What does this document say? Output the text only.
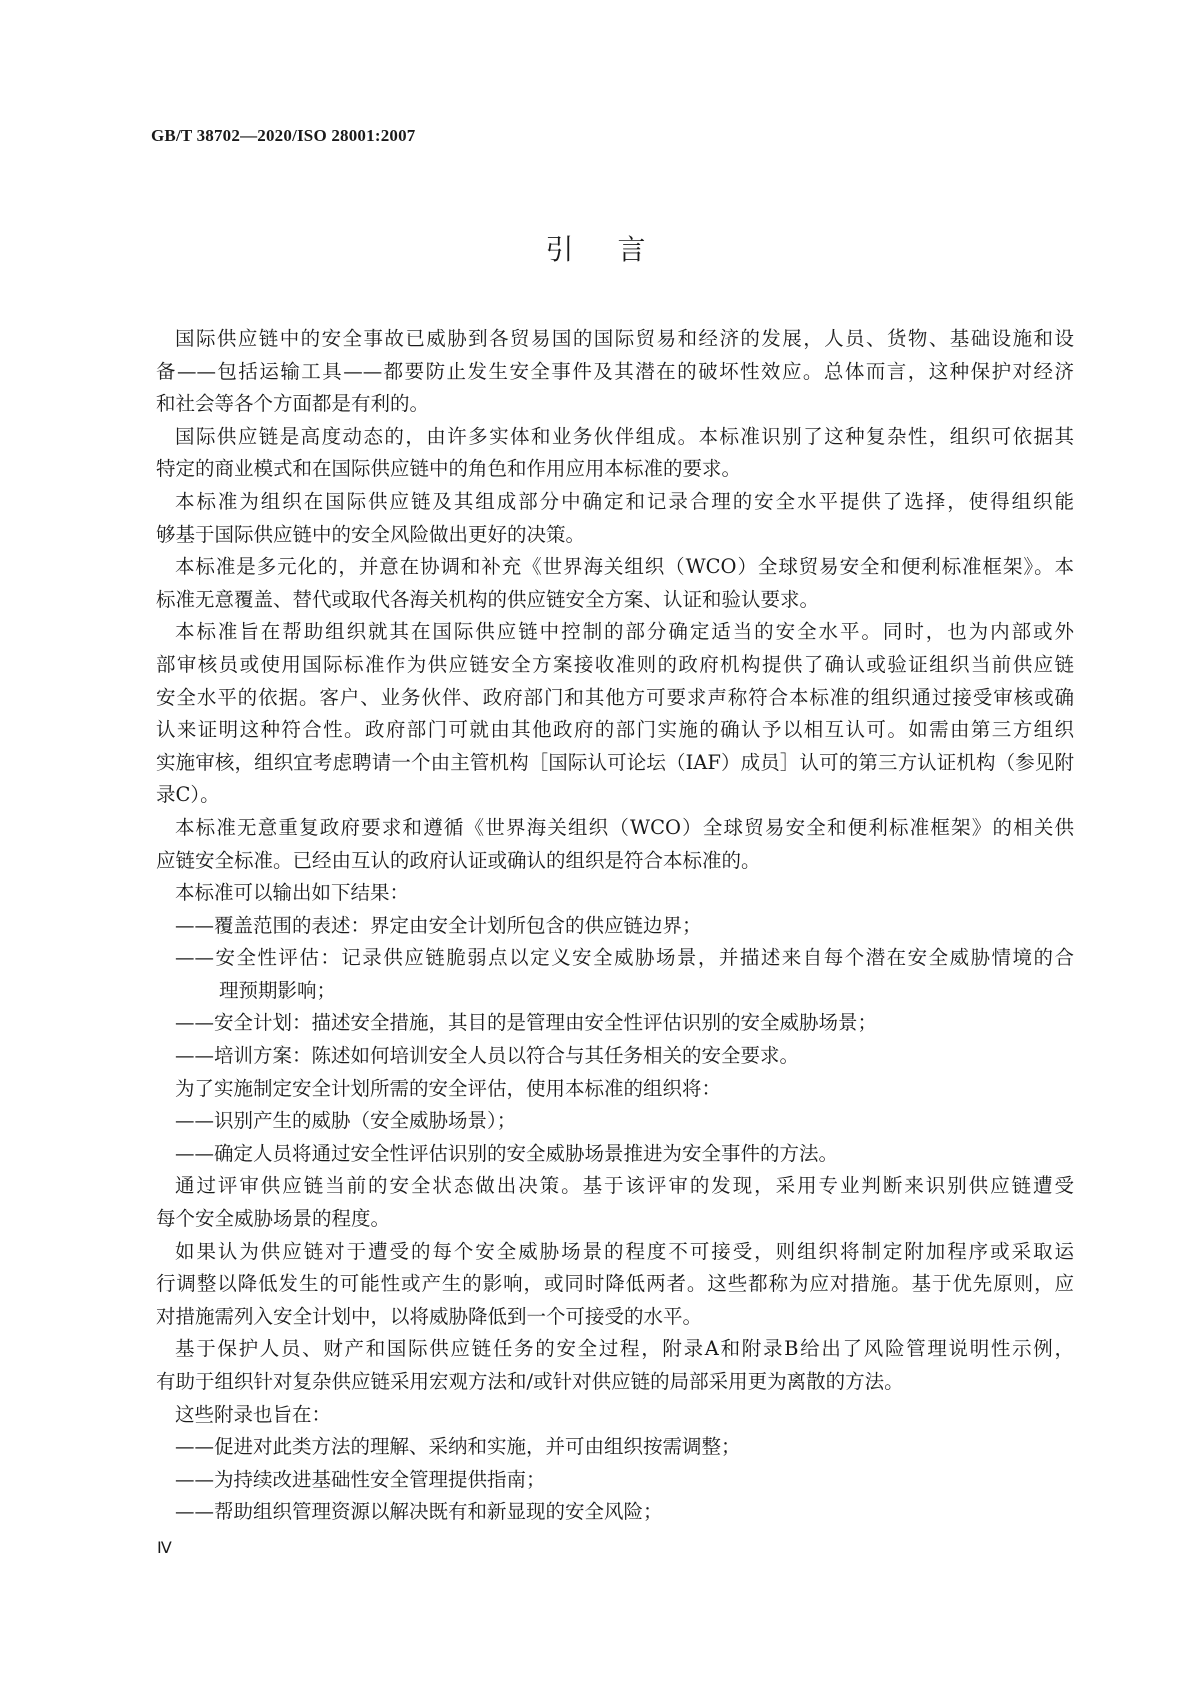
GB/T 38702—2020/ISO 28001:2007
引言
国际供应链中的安全事故已威胁到各贸易国的国际贸易和经济的发展，人员、货物、基础设施和设
备——包括运输工具——都要防止发生安全事件及其潜在的破坏性效应。总体而言，这种保护对经济
和社会等各个方面都是有利的。
国际供应链是高度动态的，由许多实体和业务伙伴组成。本标准识别了这种复杂性，组织可依据其
特定的商业模式和在国际供应链中的角色和作用应用本标准的要求。
本标准为组织在国际供应链及其组成部分中确定和记录合理的安全水平提供了选择，使得组织能
够基于国际供应链中的安全风险做出更好的决策。
本标准是多元化的，并意在协调和补充《世界海关组织（WCO）全球贸易安全和便利标准框架》。本
标准无意覆盖、替代或取代各海关机构的供应链安全方案、认证和验认要求。
本标准旨在帮助组织就其在国际供应链中控制的部分确定适当的安全水平。同时，也为内部或外
部审核员或使用国际标准作为供应链安全方案接收准则的政府机构提供了确认或验证组织当前供应链
安全水平的依据。客户、业务伙伴、政府部门和其他方可要求声称符合本标准的组织通过接受审核或确
认来证明这种符合性。政府部门可就由其他政府的部门实施的确认予以相互认可。如需由第三方组织
实施审核，组织宜考虑聘请一个由主管机构［国际认可论坛（IAF）成员］认可的第三方认证机构（参见附
录C）。
本标准无意重复政府要求和遵循《世界海关组织（WCO）全球贸易安全和便利标准框架》的相关供
应链安全标准。已经由互认的政府认证或确认的组织是符合本标准的。
本标准可以输出如下结果：
——覆盖范围的表述：界定由安全计划所包含的供应链边界；
——安全性评估：记录供应链脆弱点以定义安全威胁场景，并描述来自每个潜在安全威胁情境的合
理预期影响；
——安全计划：描述安全措施，其目的是管理由安全性评估识别的安全威胁场景；
——培训方案：陈述如何培训安全人员以符合与其任务相关的安全要求。
为了实施制定安全计划所需的安全评估，使用本标准的组织将：
——识别产生的威胁（安全威胁场景）；
——确定人员将通过安全性评估识别的安全威胁场景推进为安全事件的方法。
通过评审供应链当前的安全状态做出决策。基于该评审的发现，采用专业判断来识别供应链遭受
每个安全威胁场景的程度。
如果认为供应链对于遭受的每个安全威胁场景的程度不可接受，则组织将制定附加程序或采取运
行调整以降低发生的可能性或产生的影响，或同时降低两者。这些都称为应对措施。基于优先原则，应
对措施需列入安全计划中，以将威胁降低到一个可接受的水平。
基于保护人员、财产和国际供应链任务的安全过程，附录A和附录B给出了风险管理说明性示例，
有助于组织针对复杂供应链采用宏观方法和/或针对供应链的局部采用更为离散的方法。
这些附录也旨在：
——促进对此类方法的理解、采纳和实施，并可由组织按需调整；
——为持续改进基础性安全管理提供指南；
——帮助组织管理资源以解决既有和新显现的安全风险；
Ⅳ
